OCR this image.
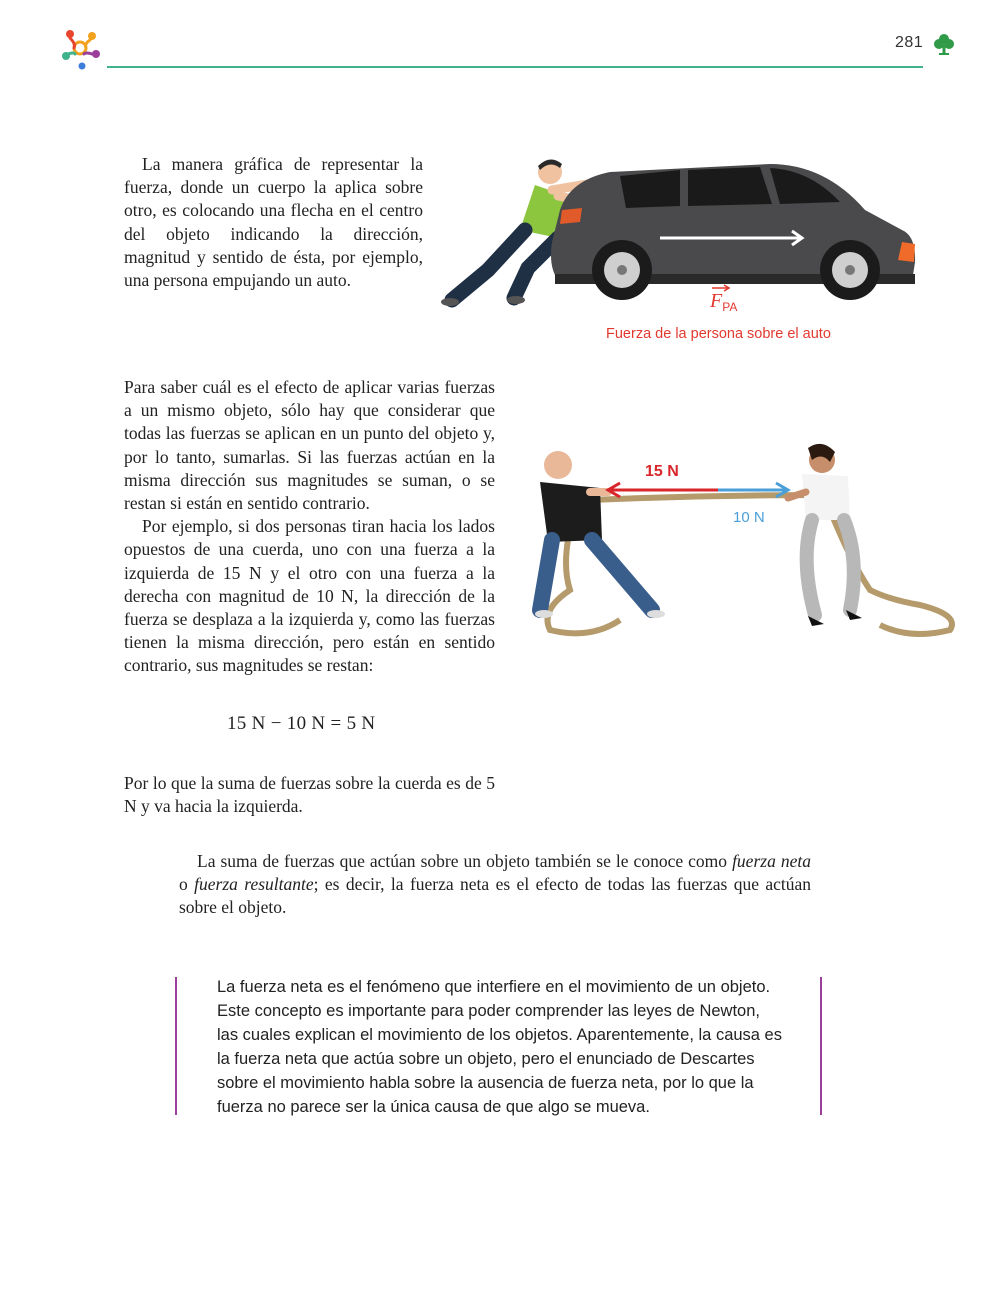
281

La manera gráfica de representar la fuerza, donde un cuerpo la aplica sobre otro, es colocando una flecha en el centro del objeto indicando la dirección, magnitud y sentido de ésta, por ejemplo, una persona empujando un auto.

$F_{PA}$
Fuerza de la persona sobre el auto

Para saber cuál es el efecto de aplicar varias fuerzas a un mismo objeto, sólo hay que considerar que todas las fuerzas se aplican en un punto del objeto y, por lo tanto, sumarlas. Si las fuerzas actúan en la misma dirección sus magnitudes se suman, o se restan si están en sentido contrario.

Por ejemplo, si dos personas tiran hacia los lados opuestos de una cuerda, uno con una fuerza a la izquierda de 15 N y el otro con una fuerza a la derecha con magnitud de 10 N, la dirección de la fuerza se desplaza a la izquierda y, como las fuerzas tienen la misma dirección, pero están en sentido contrario, sus magnitudes se restan:

15 N
10 N
15 N − 10 N = 5 N
Por lo que la suma de fuerzas sobre la cuerda es de 5 N y va hacia la izquierda.
La suma de fuerzas que actúan sobre un objeto también se le conoce como fuerza neta o fuerza resultante; es decir, la fuerza neta es el efecto de todas las fuerzas que actúan sobre el objeto.
La fuerza neta es el fenómeno que interfiere en el movimiento de un objeto. Este concepto es importante para poder comprender las leyes de Newton, las cuales explican el movimiento de los objetos. Aparentemente, la causa es la fuerza neta que actúa sobre un objeto, pero el enunciado de Descartes sobre el movimiento habla sobre la ausencia de fuerza neta, por lo que la fuerza no parece ser la única causa de que algo se mueva.
